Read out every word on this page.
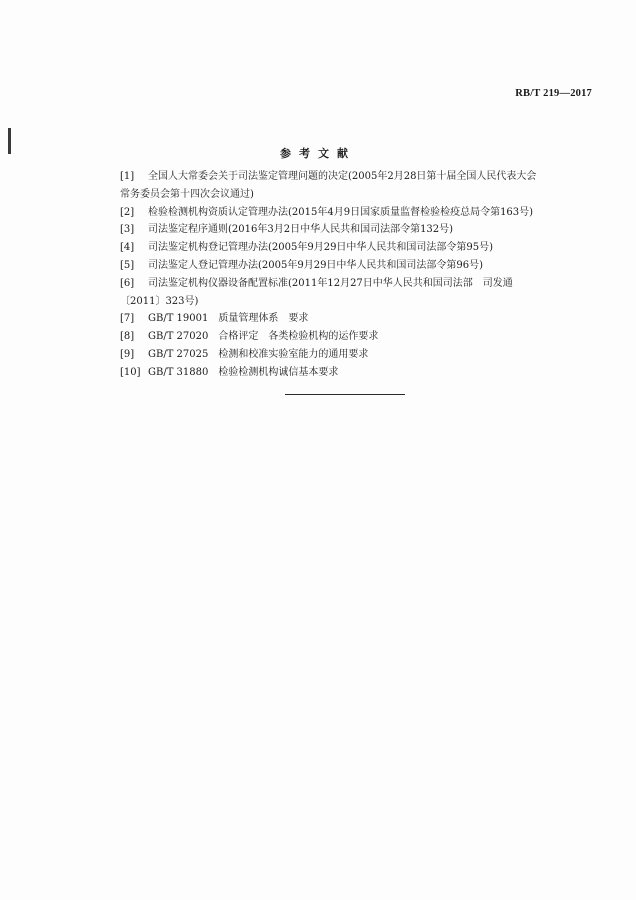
RB/T 219—2017
参考文献
[1]	全国人大常委会关于司法鉴定管理问题的决定(2005年2月28日第十届全国人民代表大会
常务委员会第十四次会议通过)
[2]	检验检测机构资质认定管理办法(2015年4月9日国家质量监督检验检疫总局令第163号)
[3]	司法鉴定程序通则(2016年3月2日中华人民共和国司法部令第132号)
[4]	司法鉴定机构登记管理办法(2005年9月29日中华人民共和国司法部令第95号)
[5]	司法鉴定人登记管理办法(2005年9月29日中华人民共和国司法部令第96号)
[6]	司法鉴定机构仪器设备配置标准(2011年12月27日中华人民共和国司法部　司发通
〔2011〕323号)
[7]	GB/T 19001　质量管理体系　要求
[8]	GB/T 27020　合格评定　各类检验机构的运作要求
[9]	GB/T 27025　检测和校准实验室能力的通用要求
[10] GB/T 31880　检验检测机构诚信基本要求
